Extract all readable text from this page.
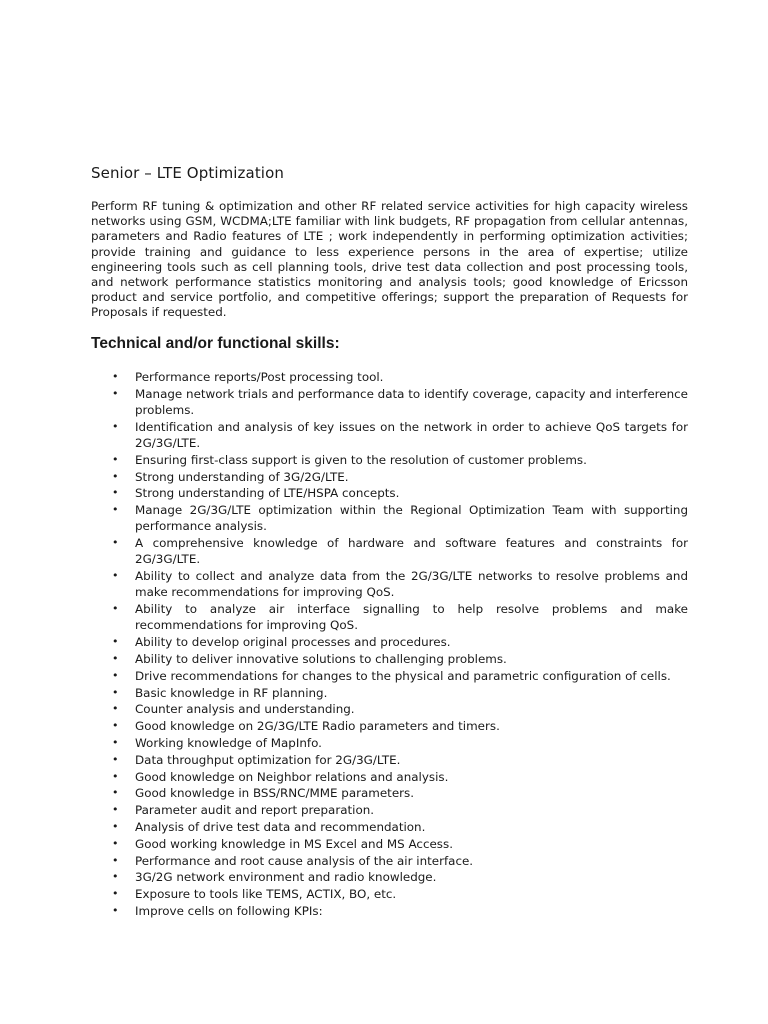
Senior – LTE Optimization

Perform RF tuning & optimization and other RF related service activities for high capacity wireless networks using GSM, WCDMA;LTE familiar with link budgets, RF propagation from cellular antennas, parameters and Radio features of LTE ; work independently in performing optimization activities; provide training and guidance to less experience persons in the area of expertise; utilize engineering tools such as cell planning tools, drive test data collection and post processing tools, and network performance statistics monitoring and analysis tools; good knowledge of Ericsson product and service portfolio, and competitive offerings; support the preparation of Requests for Proposals if requested.

Technical and/or functional skills:
• Performance reports/Post processing tool.
• Manage network trials and performance data to identify coverage, capacity and interference problems.
• Identification and analysis of key issues on the network in order to achieve QoS targets for 2G/3G/LTE.
• Ensuring first-class support is given to the resolution of customer problems.
• Strong understanding of 3G/2G/LTE.
• Strong understanding of LTE/HSPA concepts.
• Manage 2G/3G/LTE optimization within the Regional Optimization Team with supporting performance analysis.
• A comprehensive knowledge of hardware and software features and constraints for 2G/3G/LTE.
• Ability to collect and analyze data from the 2G/3G/LTE networks to resolve problems and make recommendations for improving QoS.
• Ability to analyze air interface signalling to help resolve problems and make recommendations for improving QoS.
• Ability to develop original processes and procedures.
• Ability to deliver innovative solutions to challenging problems.
• Drive recommendations for changes to the physical and parametric configuration of cells.
• Basic knowledge in RF planning.
• Counter analysis and understanding.
• Good knowledge on 2G/3G/LTE Radio parameters and timers.
• Working knowledge of MapInfo.
• Data throughput optimization for 2G/3G/LTE.
• Good knowledge on Neighbor relations and analysis.
• Good knowledge in BSS/RNC/MME parameters.
• Parameter audit and report preparation.
• Analysis of drive test data and recommendation.
• Good working knowledge in MS Excel and MS Access.
• Performance and root cause analysis of the air interface.
• 3G/2G network environment and radio knowledge.
• Exposure to tools like TEMS, ACTIX, BO, etc.
• Improve cells on following KPIs:
